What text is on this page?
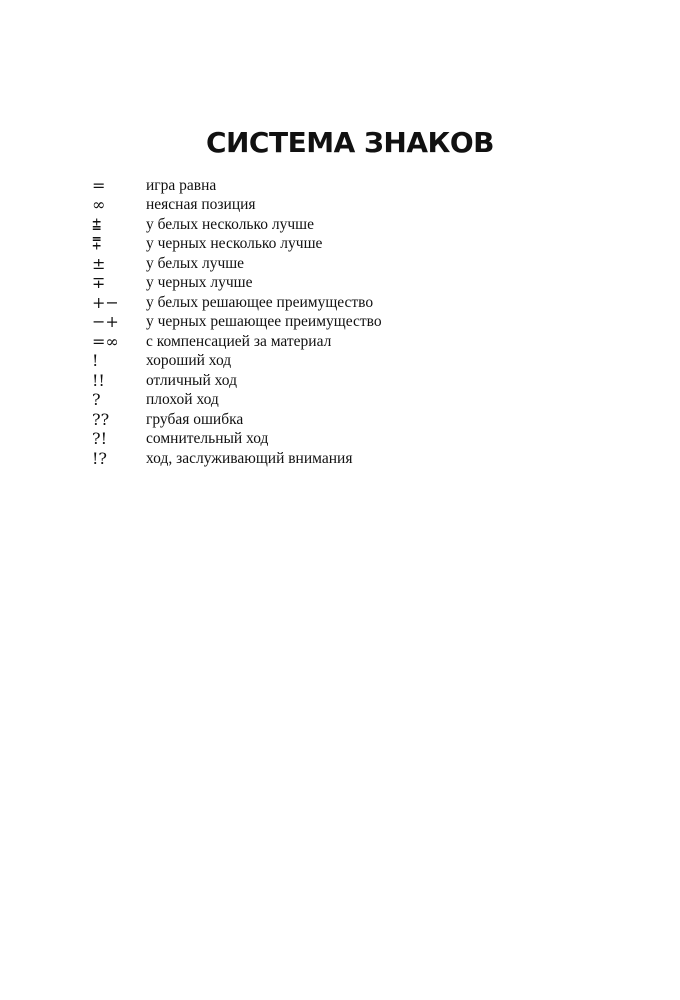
СИСТЕМА ЗНАКОВ
=	игра равна
∞	неясная позиция
⩲	у белых несколько лучше
⩱	у черных несколько лучше
±	у белых лучше
∓	у черных лучше
+−	у белых решающее преимущество
−+	у черных решающее преимущество
=∞	с компенсацией за материал
!	хороший ход
!!	отличный ход
?	плохой ход
??	грубая ошибка
?!	сомнительный ход
!?	ход, заслуживающий внимания
